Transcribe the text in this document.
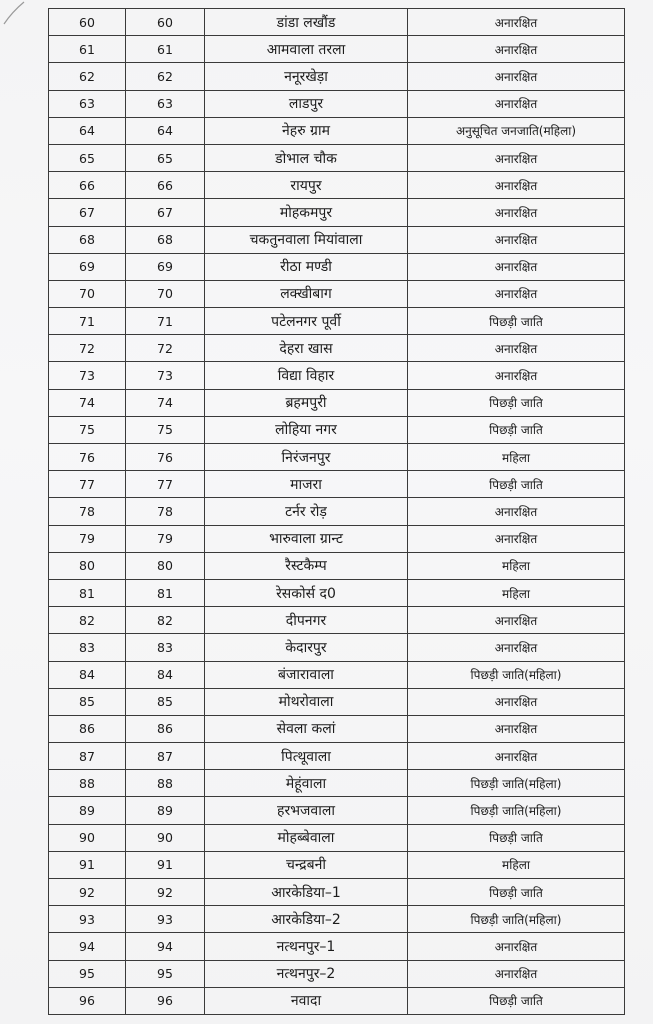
60	60	डांडा लखौंड	अनारक्षित
61	61	आमवाला तरला	अनारक्षित
62	62	ननूरखेड़ा	अनारक्षित
63	63	लाडपुर	अनारक्षित
64	64	नेहरु ग्राम	अनुसूचित जनजाति(महिला)
65	65	डोभाल चौक	अनारक्षित
66	66	रायपुर	अनारक्षित
67	67	मोहकमपुर	अनारक्षित
68	68	चकतुनवाला मियांवाला	अनारक्षित
69	69	रीठा मण्डी	अनारक्षित
70	70	लक्खीबाग	अनारक्षित
71	71	पटेलनगर पूर्वी	पिछड़ी जाति
72	72	देहरा खास	अनारक्षित
73	73	विद्या विहार	अनारक्षित
74	74	ब्रहमपुरी	पिछड़ी जाति
75	75	लोहिया नगर	पिछड़ी जाति
76	76	निरंजनपुर	महिला
77	77	माजरा	पिछड़ी जाति
78	78	टर्नर रोड़	अनारक्षित
79	79	भारुवाला ग्रान्ट	अनारक्षित
80	80	रैस्टकैम्प	महिला
81	81	रेसकोर्स द0	महिला
82	82	दीपनगर	अनारक्षित
83	83	केदारपुर	अनारक्षित
84	84	बंजारावाला	पिछड़ी जाति(महिला)
85	85	मोथरोवाला	अनारक्षित
86	86	सेवला कलां	अनारक्षित
87	87	पित्थूवाला	अनारक्षित
88	88	मेहूंवाला	पिछड़ी जाति(महिला)
89	89	हरभजवाला	पिछड़ी जाति(महिला)
90	90	मोहब्बेवाला	पिछड़ी जाति
91	91	चन्द्रबनी	महिला
92	92	आरकेडिया–1	पिछड़ी जाति
93	93	आरकेडिया–2	पिछड़ी जाति(महिला)
94	94	नत्थनपुर–1	अनारक्षित
95	95	नत्थनपुर–2	अनारक्षित
96	96	नवादा	पिछड़ी जाति
